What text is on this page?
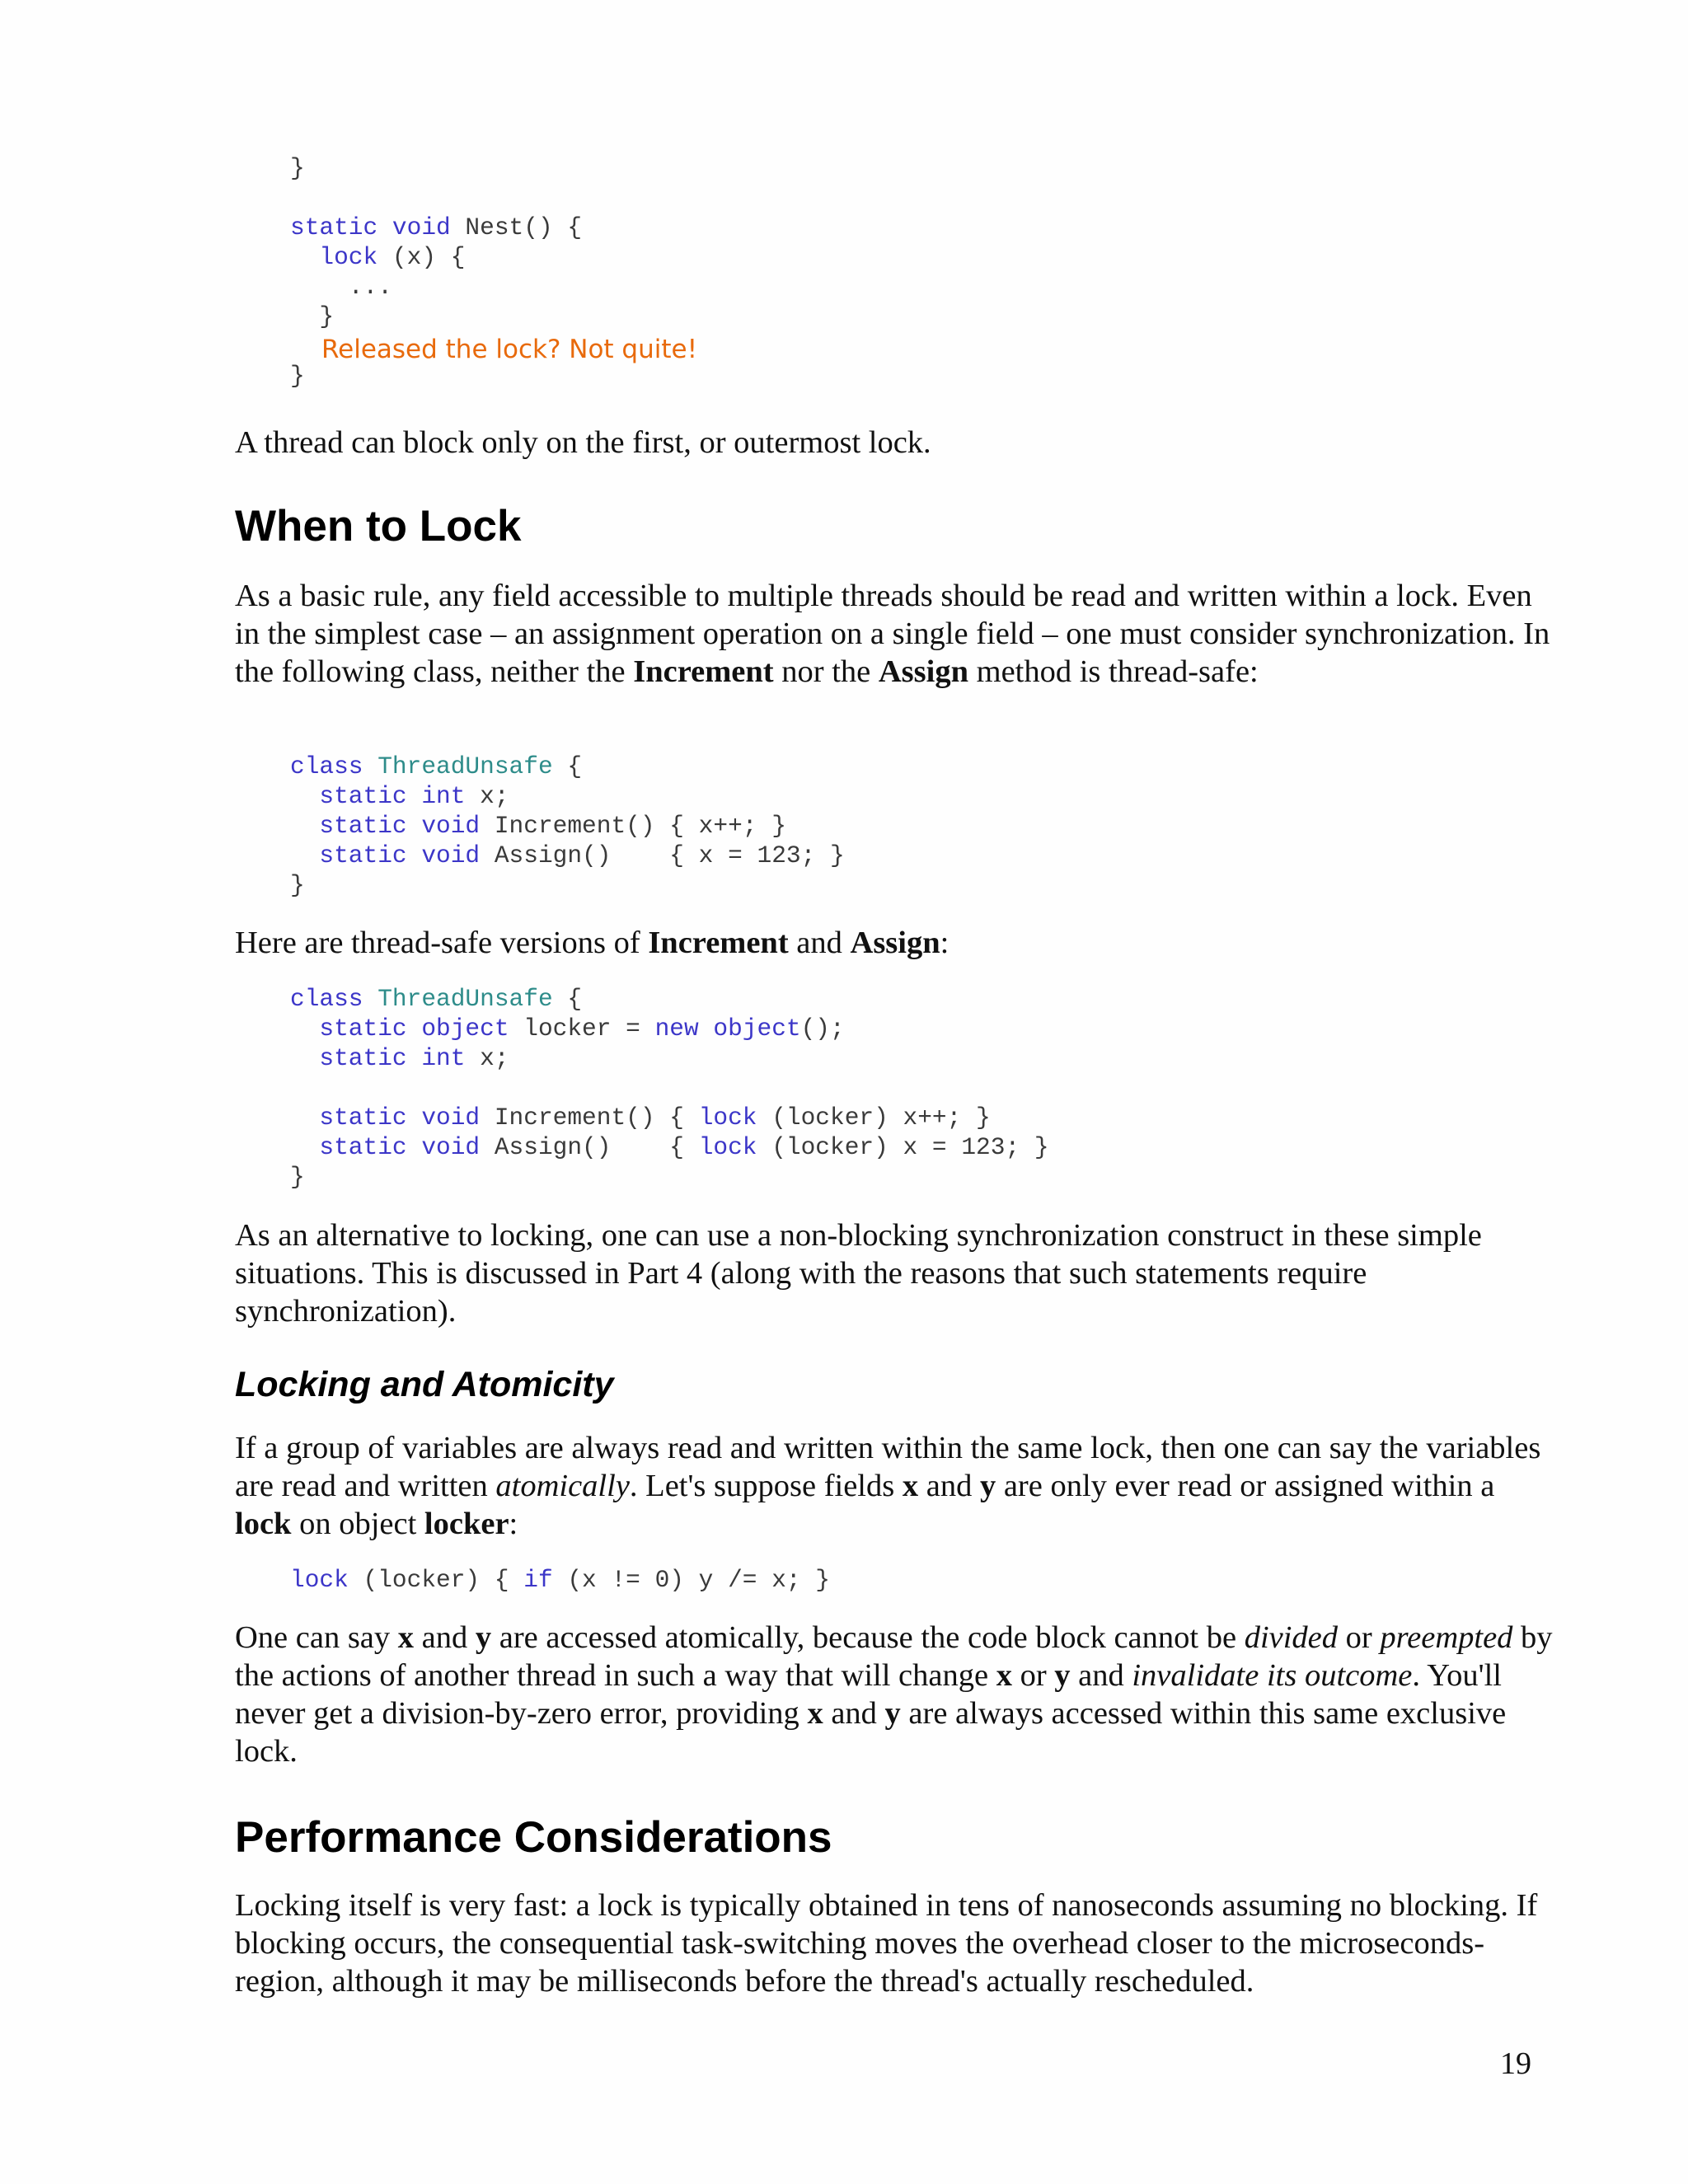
}

static void Nest() {
lock (x) {
...
}

}
Released the lock? Not quite!

A thread can block only on the first, or outermost lock.

When to Lock

As a basic rule, any field accessible to multiple threads should be read and written within a lock. Even in the simplest case – an assignment operation on a single field – one must consider synchronization. In the following class, neither the Increment nor the Assign method is thread-safe:

class ThreadUnsafe {
static int x;
static void Increment() { x++; }
static void Assign()    { x = 123; }
}

Here are thread-safe versions of Increment and Assign:

class ThreadUnsafe {
static object locker = new object();
static int x;

static void Increment() { lock (locker) x++; }
static void Assign()    { lock (locker) x = 123; }
}

As an alternative to locking, one can use a non-blocking synchronization construct in these simple situations. This is discussed in Part 4 (along with the reasons that such statements require synchronization).

Locking and Atomicity

If a group of variables are always read and written within the same lock, then one can say the variables are read and written atomically. Let's suppose fields x and y are only ever read or assigned within a lock on object locker:

lock (locker) { if (x != 0) y /= x; }

One can say x and y are accessed atomically, because the code block cannot be divided or preempted by the actions of another thread in such a way that will change x or y and invalidate its outcome. You'll never get a division-by-zero error, providing x and y are always accessed within this same exclusive lock.

Performance Considerations

Locking itself is very fast: a lock is typically obtained in tens of nanoseconds assuming no blocking. If blocking occurs, the consequential task-switching moves the overhead closer to the microseconds-region, although it may be milliseconds before the thread's actually rescheduled.

19
